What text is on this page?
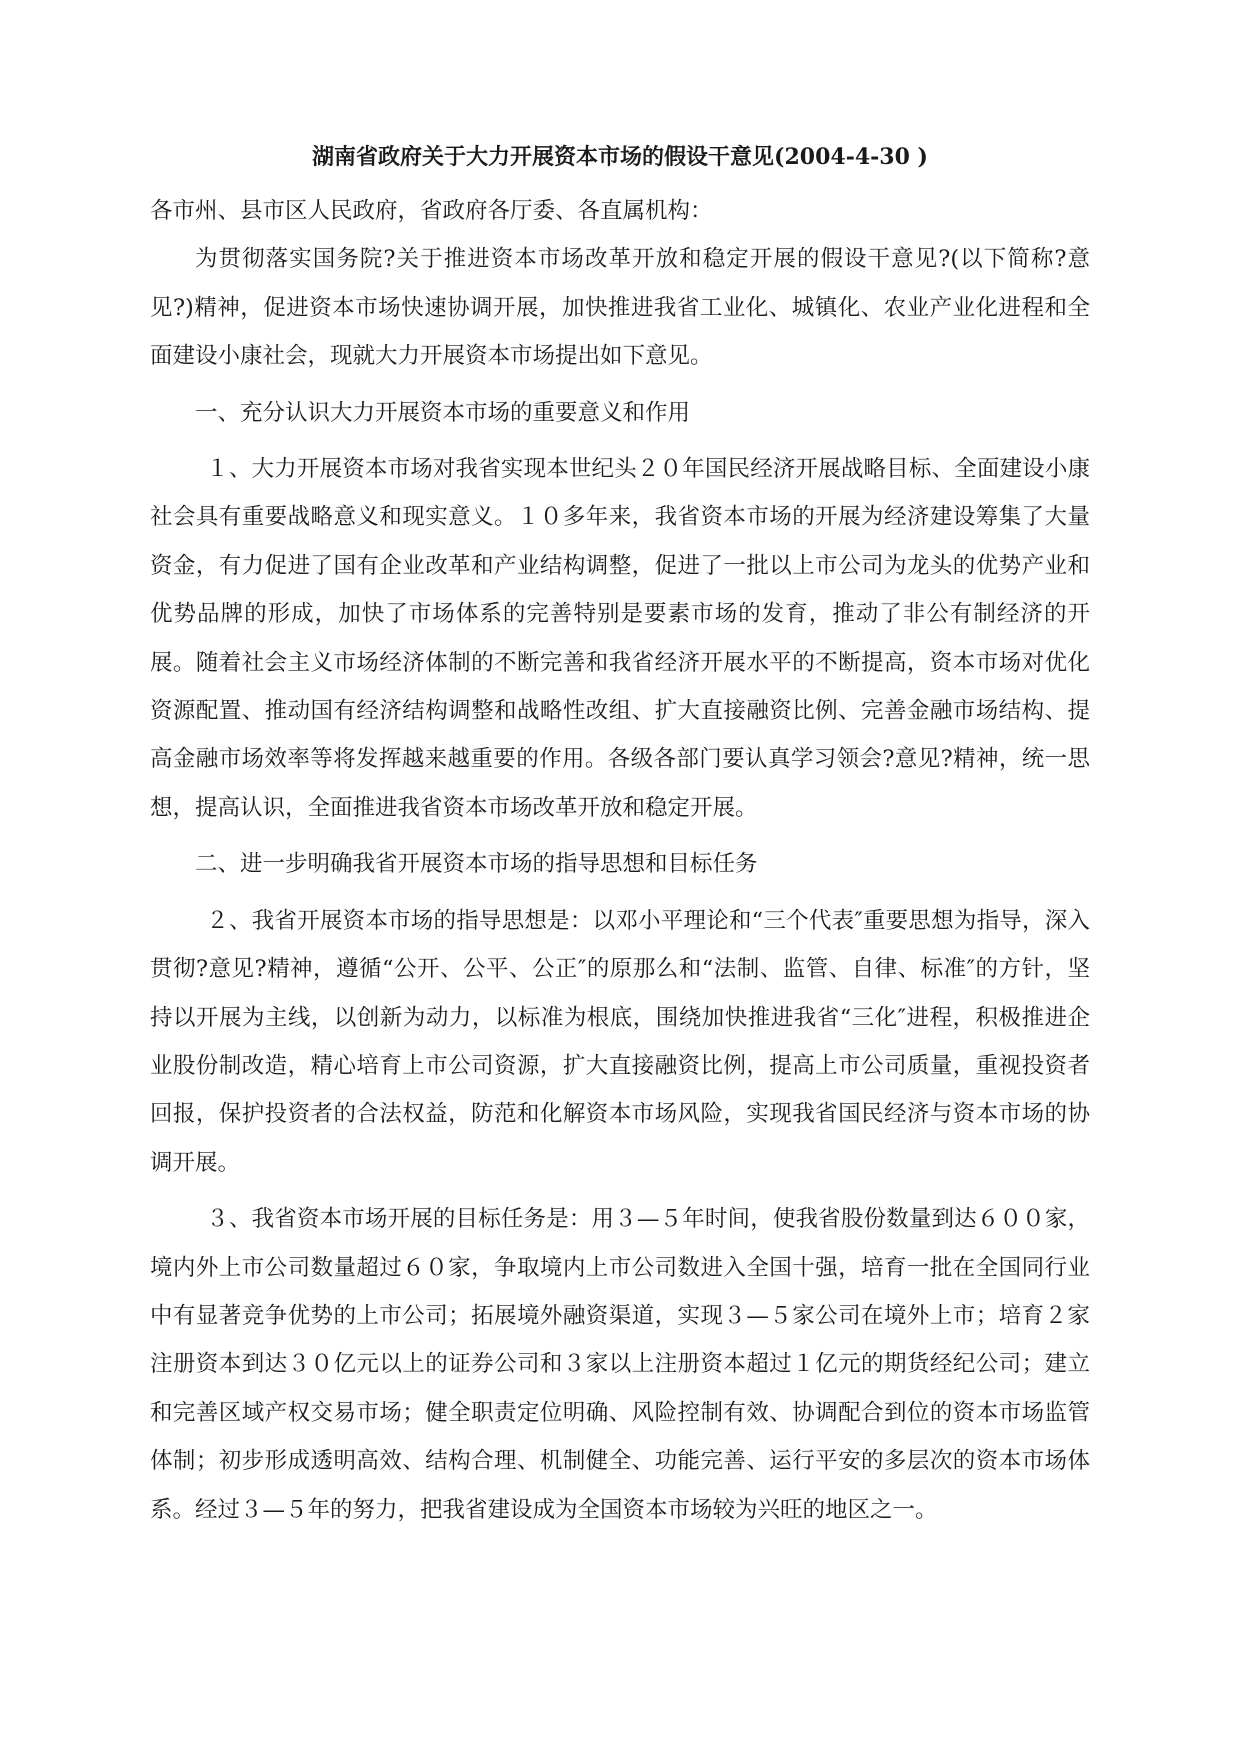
湖南省政府关于大力开展资本市场的假设干意见(2004-4-30 )

各市州、县市区人民政府，省政府各厅委、各直属机构：

为贯彻落实国务院?关于推进资本市场改革开放和稳定开展的假设干意见?(以下简称?意见?)精神，促进资本市场快速协调开展，加快推进我省工业化、城镇化、农业产业化进程和全面建设小康社会，现就大力开展资本市场提出如下意见。

一、充分认识大力开展资本市场的重要意义和作用

１、大力开展资本市场对我省实现本世纪头２０年国民经济开展战略目标、全面建设小康社会具有重要战略意义和现实意义。１０多年来，我省资本市场的开展为经济建设筹集了大量资金，有力促进了国有企业改革和产业结构调整，促进了一批以上市公司为龙头的优势产业和优势品牌的形成，加快了市场体系的完善特别是要素市场的发育，推动了非公有制经济的开展。随着社会主义市场经济体制的不断完善和我省经济开展水平的不断提高，资本市场对优化资源配置、推动国有经济结构调整和战略性改组、扩大直接融资比例、完善金融市场结构、提高金融市场效率等将发挥越来越重要的作用。各级各部门要认真学习领会?意见?精神，统一思想，提高认识，全面推进我省资本市场改革开放和稳定开展。

二、进一步明确我省开展资本市场的指导思想和目标任务

２、我省开展资本市场的指导思想是：以邓小平理论和“三个代表″重要思想为指导，深入贯彻?意见?精神，遵循“公开、公平、公正″的原那么和“法制、监管、自律、标准″的方针，坚持以开展为主线，以创新为动力，以标准为根底，围绕加快推进我省“三化″进程，积极推进企业股份制改造，精心培育上市公司资源，扩大直接融资比例，提高上市公司质量，重视投资者回报，保护投资者的合法权益，防范和化解资本市场风险，实现我省国民经济与资本市场的协调开展。

３、我省资本市场开展的目标任务是：用３—５年时间，使我省股份数量到达６００家，境内外上市公司数量超过６０家，争取境内上市公司数进入全国十强，培育一批在全国同行业中有显著竞争优势的上市公司；拓展境外融资渠道，实现３—５家公司在境外上市；培育２家注册资本到达３０亿元以上的证券公司和３家以上注册资本超过１亿元的期货经纪公司；建立和完善区域产权交易市场；健全职责定位明确、风险控制有效、协调配合到位的资本市场监管体制；初步形成透明高效、结构合理、机制健全、功能完善、运行平安的多层次的资本市场体系。经过３—５年的努力，把我省建设成为全国资本市场较为兴旺的地区之一。
